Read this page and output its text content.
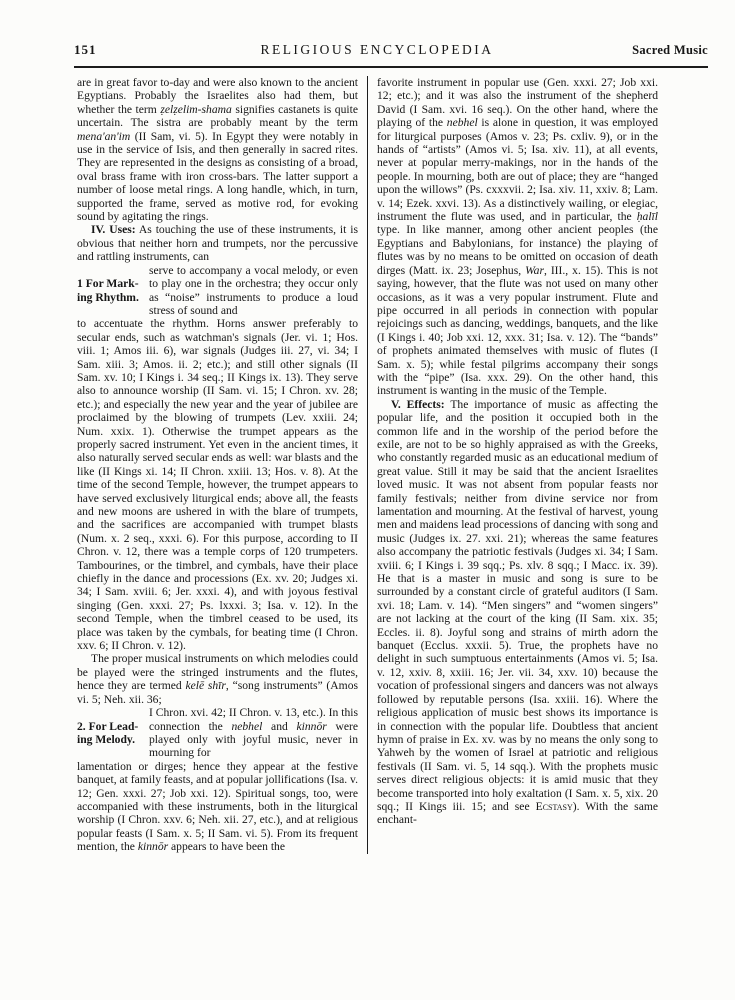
151	RELIGIOUS ENCYCLOPEDIA	Sacred Music

are in great favor to-day and were also known to the ancient Egyptians. Probably the Israelites also had them, but whether the term ẓelẓelim-shama signifies castanets is quite uncertain. The sistra are probably meant by the term mena'an'im (II Sam, vi. 5). In Egypt they were notably in use in the service of Isis, and then generally in sacred rites. They are represented in the designs as consisting of a broad, oval brass frame with iron cross-bars. The latter support a number of loose metal rings. A long handle, which, in turn, supported the frame, served as motive rod, for evoking sound by agitating the rings.

IV. Uses: As touching the use of these instruments, it is obvious that neither horn and trumpets, nor the percussive and rattling instruments, can

1 For Mark-
ing Rhythm.
serve to accompany a vocal melody, or even to play one in the orchestra; they occur only as “noise” instruments to produce a loud stress of sound and

to accentuate the rhythm. Horns answer preferably to secular ends, such as watchman's signals (Jer. vi. 1; Hos. viii. 1; Amos iii. 6), war signals (Judges iii. 27, vi. 34; I Sam. xiii. 3; Amos. ii. 2; etc.); and still other signals (II Sam. xv. 10; I Kings i. 34 seq.; II Kings ix. 13). They serve also to announce worship (II Sam. vi. 15; I Chron. xv. 28; etc.); and especially the new year and the year of jubilee are proclaimed by the blowing of trumpets (Lev. xxiii. 24; Num. xxix. 1). Otherwise the trumpet appears as the properly sacred instrument. Yet even in the ancient times, it also naturally served secular ends as well: war blasts and the like (II Kings xi. 14; II Chron. xxiii. 13; Hos. v. 8). At the time of the second Temple, however, the trumpet appears to have served exclusively liturgical ends; above all, the feasts and new moons are ushered in with the blare of trumpets, and the sacrifices are accompanied with trumpet blasts (Num. x. 2 seq., xxxi. 6). For this purpose, according to II Chron. v. 12, there was a temple corps of 120 trumpeters. Tambourines, or the timbrel, and cymbals, have their place chiefly in the dance and processions (Ex. xv. 20; Judges xi. 34; I Sam. xviii. 6; Jer. xxxi. 4), and with joyous festival singing (Gen. xxxi. 27; Ps. lxxxi. 3; Isa. v. 12). In the second Temple, when the timbrel ceased to be used, its place was taken by the cymbals, for beating time (I Chron. xxv. 6; II Chron. v. 12).

The proper musical instruments on which melodies could be played were the stringed instruments and the flutes, hence they are termed kelē shīr, “song instruments” (Amos vi. 5; Neh. xii. 36;

2. For Lead-
ing Melody.
I Chron. xvi. 42; II Chron. v. 13, etc.). In this connection the nebhel and kinnōr were played only with joyful music, never in mourning for

lamentation or dirges; hence they appear at the festive banquet, at family feasts, and at popular jollifications (Isa. v. 12; Gen. xxxi. 27; Job xxi. 12). Spiritual songs, too, were accompanied with these instruments, both in the liturgical worship (I Chron. xxv. 6; Neh. xii. 27, etc.), and at religious popular feasts (I Sam. x. 5; II Sam. vi. 5). From its frequent mention, the kinnōr appears to have been the

favorite instrument in popular use (Gen. xxxi. 27; Job xxi. 12; etc.); and it was also the instrument of the shepherd David (I Sam. xvi. 16 seq.). On the other hand, where the playing of the nebhel is alone in question, it was employed for liturgical purposes (Amos v. 23; Ps. cxliv. 9), or in the hands of “artists” (Amos vi. 5; Isa. xiv. 11), at all events, never at popular merry-makings, nor in the hands of the people. In mourning, both are out of place; they are “hanged upon the willows” (Ps. cxxxvii. 2; Isa. xiv. 11, xxiv. 8; Lam. v. 14; Ezek. xxvi. 13). As a distinctively wailing, or elegiac, instrument the flute was used, and in particular, the ḥalīl type. In like manner, among other ancient peoples (the Egyptians and Babylonians, for instance) the playing of flutes was by no means to be omitted on occasion of death dirges (Matt. ix. 23; Josephus, War, III., x. 15). This is not saying, however, that the flute was not used on many other occasions, as it was a very popular instrument. Flute and pipe occurred in all periods in connection with popular rejoicings such as dancing, weddings, banquets, and the like (I Kings i. 40; Job xxi. 12, xxx. 31; Isa. v. 12). The “bands” of prophets animated themselves with music of flutes (I Sam. x. 5); while festal pilgrims accompany their songs with the “pipe” (Isa. xxx. 29). On the other hand, this instrument is wanting in the music of the Temple.

V. Effects: The importance of music as affecting the popular life, and the position it occupied both in the common life and in the worship of the period before the exile, are not to be so highly appraised as with the Greeks, who constantly regarded music as an educational medium of great value. Still it may be said that the ancient Israelites loved music. It was not absent from popular feasts nor family festivals; neither from divine service nor from lamentation and mourning. At the festival of harvest, young men and maidens lead processions of dancing with song and music (Judges ix. 27. xxi. 21); whereas the same features also accompany the patriotic festivals (Judges xi. 34; I Sam. xviii. 6; I Kings i. 39 sqq.; Ps. xlv. 8 sqq.; I Macc. ix. 39). He that is a master in music and song is sure to be surrounded by a constant circle of grateful auditors (I Sam. xvi. 18; Lam. v. 14). “Men singers” and “women singers” are not lacking at the court of the king (II Sam. xix. 35; Eccles. ii. 8). Joyful song and strains of mirth adorn the banquet (Ecclus. xxxii. 5). True, the prophets have no delight in such sumptuous entertainments (Amos vi. 5; Isa. v. 12, xxiv. 8, xxiii. 16; Jer. vii. 34, xxv. 10) because the vocation of professional singers and dancers was not always followed by reputable persons (Isa. xxiii. 16). Where the religious application of music best shows its importance is in connection with the popular life. Doubtless that ancient hymn of praise in Ex. xv. was by no means the only song to Yahweh by the women of Israel at patriotic and religious festivals (II Sam. vi. 5, 14 sqq.). With the prophets music serves direct religious objects: it is amid music that they become transported into holy exaltation (I Sam. x. 5, xix. 20 sqq.; II Kings iii. 15; and see Ecstasy). With the same enchant-
